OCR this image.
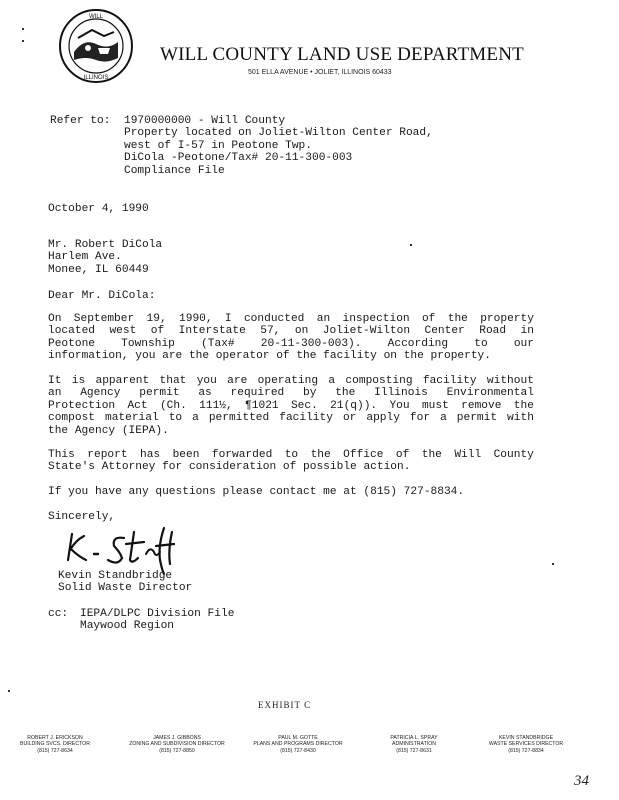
WILL
ILLINOIS
WILL COUNTY LAND USE DEPARTMENT
501 ELLA AVENUE • JOLIET, ILLINOIS 60433
Refer to: 1970000000 - Will County
Property located on Joliet-Wilton Center Road,
west of I-57 in Peotone Twp.
DiCola -Peotone/Tax# 20-11-300-003
Compliance File
October 4, 1990
Mr. Robert DiCola
Harlem Ave.
Monee, IL 60449
Dear Mr. DiCola:
On September 19, 1990, I conducted an inspection of the property
located west of Interstate 57, on Joliet-Wilton Center Road in
Peotone Township (Tax# 20-11-300-003). According to our
information, you are the operator of the facility on the property.
It is apparent that you are operating a composting facility without
an Agency permit as required by the Illinois Environmental
Protection Act (Ch. 111½, ¶1021 Sec. 21(q)). You must remove the
compost material to a permitted facility or apply for a permit with
the Agency (IEPA).
This report has been forwarded to the Office of the Will County
State's Attorney for consideration of possible action.
If you have any questions please contact me at (815) 727-8834.
Sincerely,
Kevin Standbridge
Solid Waste Director
cc: IEPA/DLPC Division File
Maywood Region
EXHIBIT C
ROBERT J. ERICKSON
BUILDING SVCS. DIRECTOR
(815) 727-8634
JAMES J. GIBBONS
ZONING AND SUBDIVISION DIRECTOR
(815) 727-8850
PAUL M. GOTTE
PLANS AND PROGRAMS DIRECTOR
(815) 727-8430
PATRICIA L. SPRAY
ADMINISTRATION
(815) 727-8631
KEVIN STANDBRIDGE
WASTE SERVICES DIRECTOR
(815) 727-8834
34
